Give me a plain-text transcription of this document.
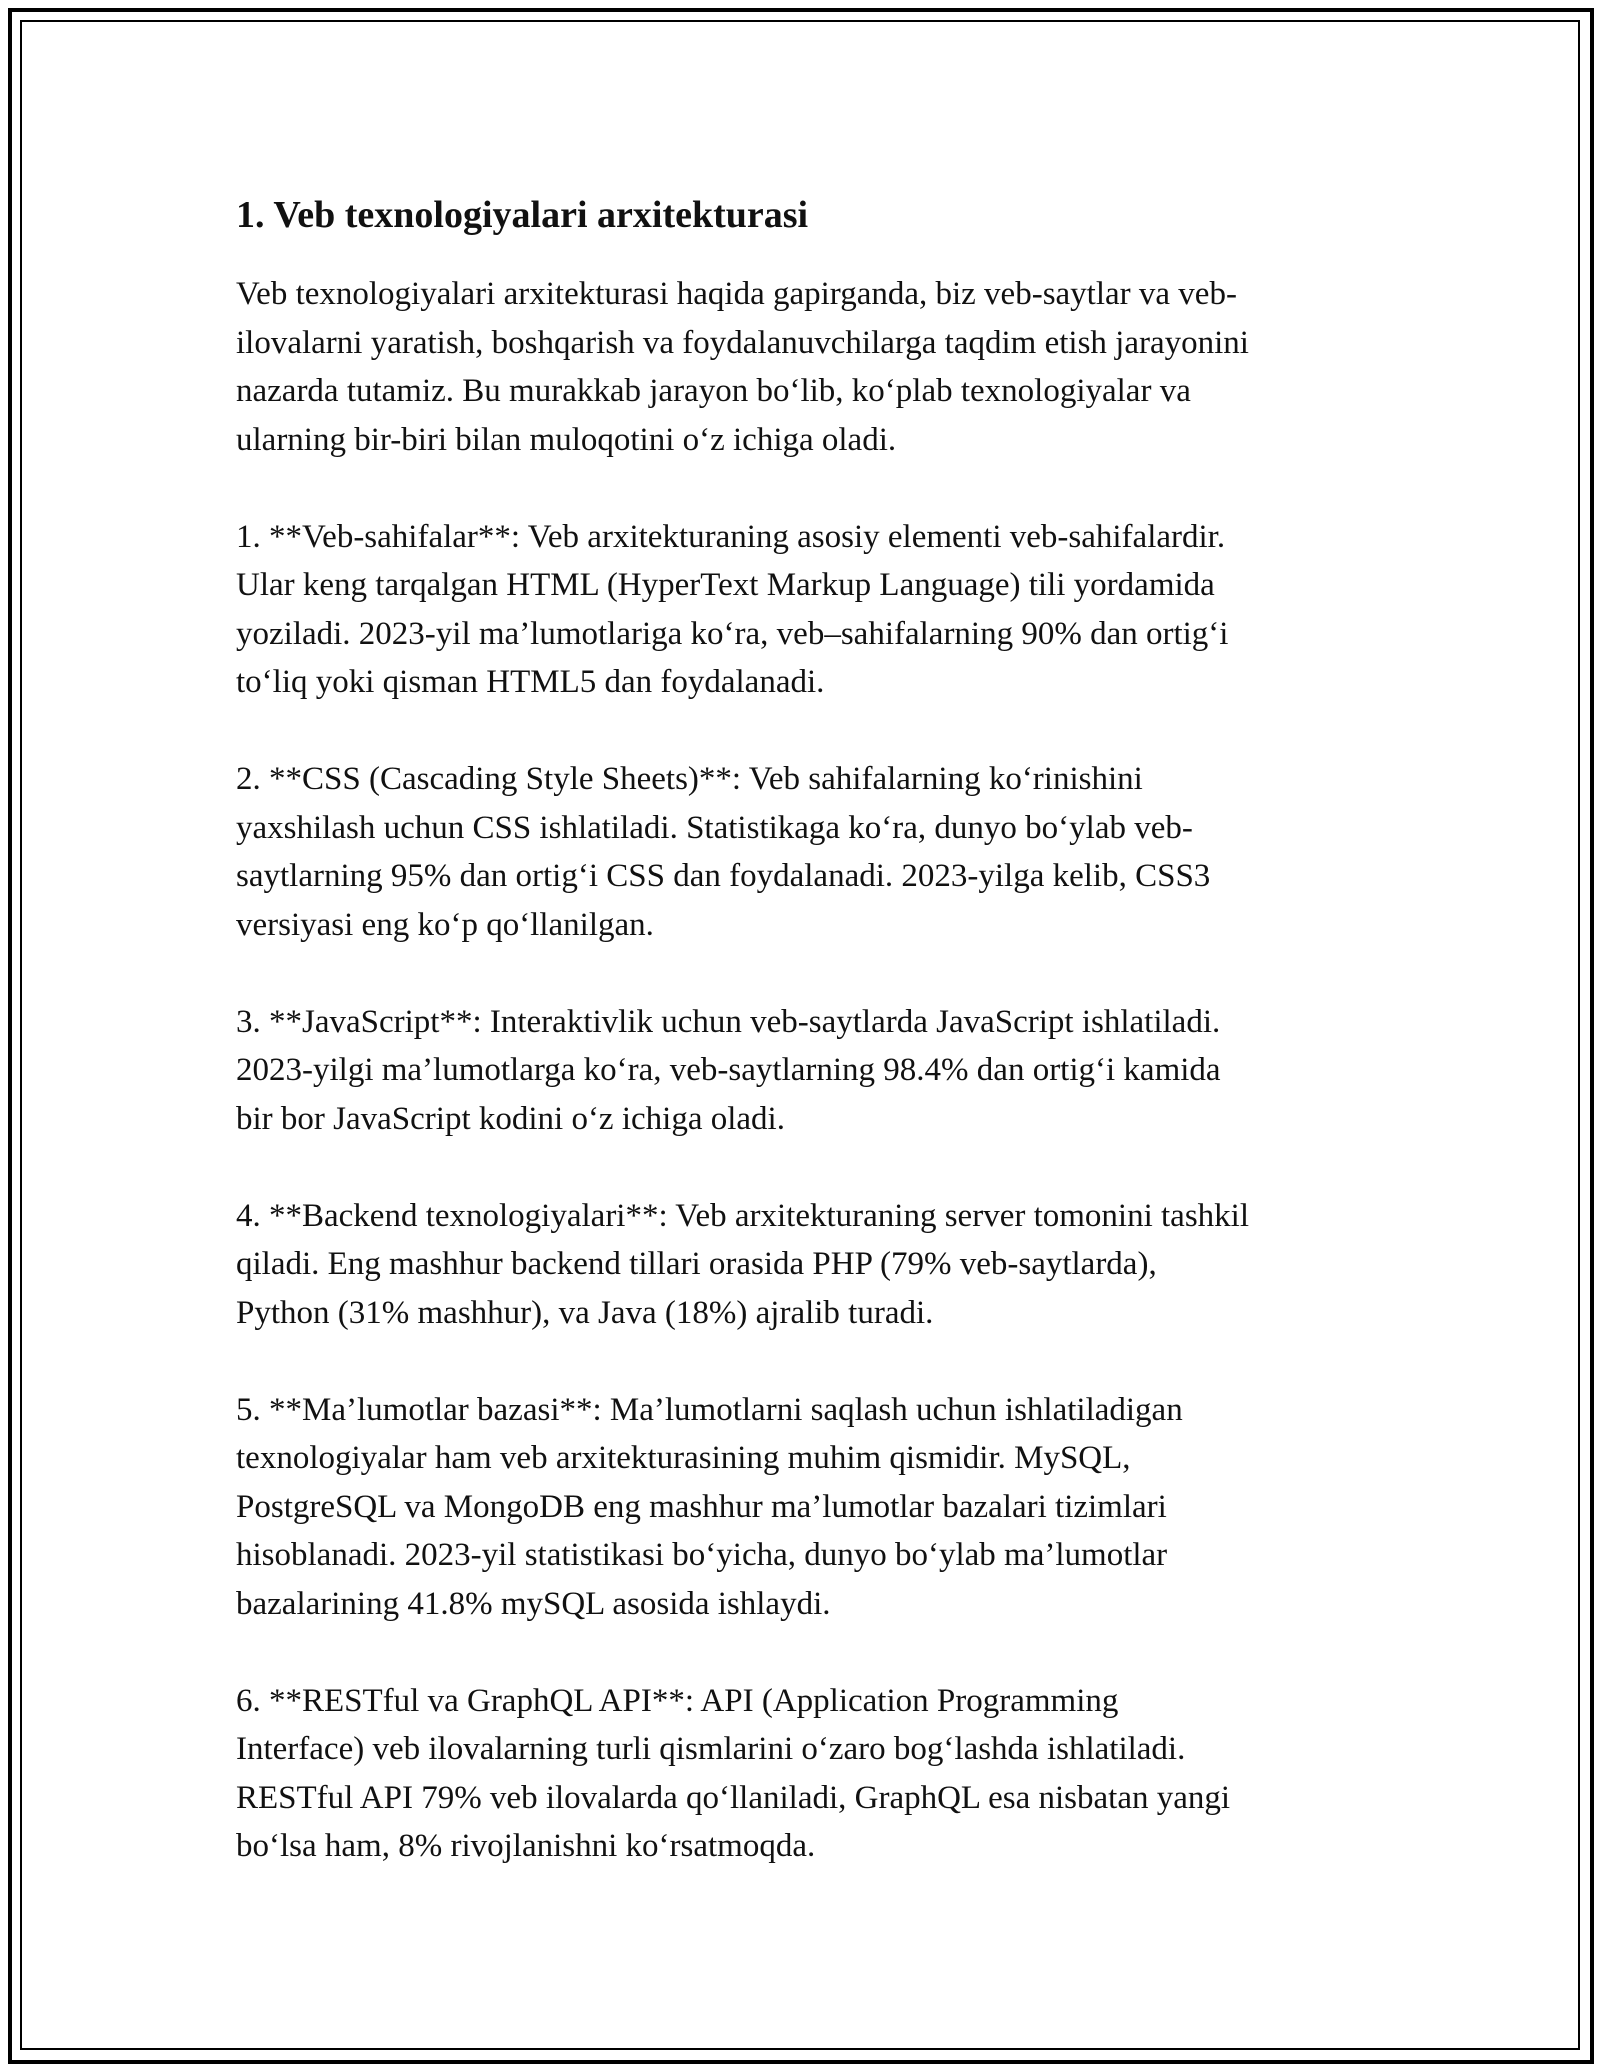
1. Veb texnologiyalari arxitekturasi

Veb texnologiyalari arxitekturasi haqida gapirganda, biz veb-saytlar va veb-
ilovalarni yaratish, boshqarish va foydalanuvchilarga taqdim etish jarayonini
nazarda tutamiz. Bu murakkab jarayon bo‘lib, ko‘plab texnologiyalar va
ularning bir-biri bilan muloqotini o‘z ichiga oladi.

1. **Veb-sahifalar**: Veb arxitekturaning asosiy elementi veb-sahifalardir.
Ular keng tarqalgan HTML (HyperText Markup Language) tili yordamida
yoziladi. 2023-yil ma’lumotlariga ko‘ra, veb–sahifalarning 90% dan ortig‘i
to‘liq yoki qisman HTML5 dan foydalanadi.

2. **CSS (Cascading Style Sheets)**: Veb sahifalarning ko‘rinishini
yaxshilash uchun CSS ishlatiladi. Statistikaga ko‘ra, dunyo bo‘ylab veb-
saytlarning 95% dan ortig‘i CSS dan foydalanadi. 2023-yilga kelib, CSS3
versiyasi eng ko‘p qo‘llanilgan.

3. **JavaScript**: Interaktivlik uchun veb-saytlarda JavaScript ishlatiladi.
2023-yilgi ma’lumotlarga ko‘ra, veb-saytlarning 98.4% dan ortig‘i kamida
bir bor JavaScript kodini o‘z ichiga oladi.

4. **Backend texnologiyalari**: Veb arxitekturaning server tomonini tashkil
qiladi. Eng mashhur backend tillari orasida PHP (79% veb-saytlarda),
Python (31% mashhur), va Java (18%) ajralib turadi.

5. **Ma’lumotlar bazasi**: Ma’lumotlarni saqlash uchun ishlatiladigan
texnologiyalar ham veb arxitekturasining muhim qismidir. MySQL,
PostgreSQL va MongoDB eng mashhur ma’lumotlar bazalari tizimlari
hisoblanadi. 2023-yil statistikasi bo‘yicha, dunyo bo‘ylab ma’lumotlar
bazalarining 41.8% mySQL asosida ishlaydi.

6. **RESTful va GraphQL API**: API (Application Programming
Interface) veb ilovalarning turli qismlarini o‘zaro bog‘lashda ishlatiladi.
RESTful API 79% veb ilovalarda qo‘llaniladi, GraphQL esa nisbatan yangi
bo‘lsa ham, 8% rivojlanishni ko‘rsatmoqda.
